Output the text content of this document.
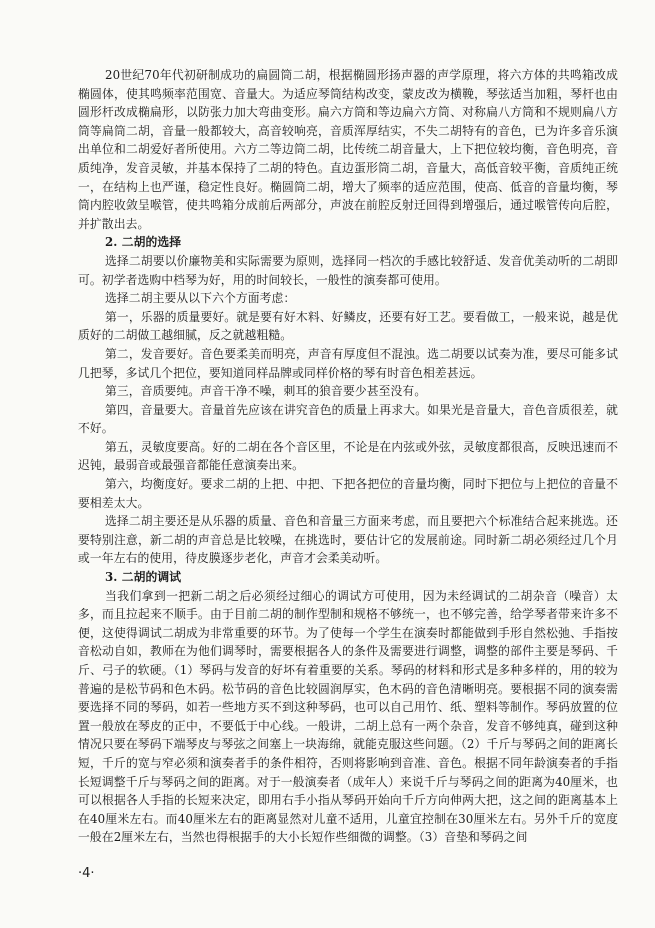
20世纪70年代初研制成功的扁圆筒二胡，根据椭圆形扬声器的声学原理，将六方体的共鸣箱改成椭圆体，使其鸣频率范围宽、音量大。为适应琴筒结构改变，蒙皮改为横鞔，琴弦适当加粗，琴杆也由圆形杆改成椭扁形，以防张力加大弯曲变形。扁六方筒和等边扁六方筒、对称扁八方筒和不规则扁八方筒等扁筒二胡，音量一般都较大，高音较响亮，音质浑厚结实，不失二胡特有的音色，已为许多音乐演出单位和二胡爱好者所使用。六方二等边筒二胡，比传统二胡音量大，上下把位较均衡，音色明亮，音质纯净，发音灵敏，并基本保持了二胡的特色。直边蛋形筒二胡，音量大，高低音较平衡，音质纯正统一，在结构上也严谨，稳定性良好。椭圆筒二胡，增大了频率的适应范围，使高、低音的音量均衡，琴筒内腔收敛呈喉管，使共鸣箱分成前后两部分，声波在前腔反射迁回得到增强后，通过喉管传向后腔，并扩散出去。

2. 二胡的选择

选择二胡要以价廉物美和实际需要为原则，选择同一档次的手感比较舒适、发音优美动听的二胡即可。初学者选购中档琴为好，用的时间较长，一般性的演奏都可使用。

选择二胡主要从以下六个方面考虑：

第一，乐器的质量要好。就是要有好木料、好鳞皮，还要有好工艺。要看做工，一般来说，越是优质好的二胡做工越细腻，反之就越粗糙。

第二，发音要好。音色要柔美而明亮，声音有厚度但不混浊。选二胡要以试奏为准，要尽可能多试几把琴，多试几个把位，要知道同样品牌或同样价格的琴有时音色相差甚远。

第三，音质要纯。声音干净不噪，刺耳的狼音要少甚至没有。

第四，音量要大。音量首先应该在讲究音色的质量上再求大。如果光是音量大，音色音质很差，就不好。

第五，灵敏度要高。好的二胡在各个音区里，不论是在内弦或外弦，灵敏度都很高，反映迅速而不迟钝，最弱音或最强音都能任意演奏出来。

第六，均衡度好。要求二胡的上把、中把、下把各把位的音量均衡，同时下把位与上把位的音量不要相差太大。

选择二胡主要还是从乐器的质量、音色和音量三方面来考虑，而且要把六个标准结合起来挑选。还要特别注意，新二胡的声音总是比较噪，在挑选时，要估计它的发展前途。同时新二胡必须经过几个月或一年左右的使用，待皮膜逐步老化，声音才会柔美动听。

3. 二胡的调试

当我们拿到一把新二胡之后必须经过细心的调试方可使用，因为未经调试的二胡杂音（噪音）太多，而且拉起来不顺手。由于目前二胡的制作型制和规格不够统一，也不够完善，给学琴者带来许多不便，这使得调试二胡成为非常重要的环节。为了使每一个学生在演奏时都能做到手形自然松弛、手指按音松动自如，教师在为他们调琴时，需要根据各人的条件及需要进行调整，调整的部件主要是琴码、千斤、弓子的软硬。（1）琴码与发音的好坏有着重要的关系。琴码的材料和形式是多种多样的，用的较为普遍的是松节码和色木码。松节码的音色比较圆润厚实，色木码的音色清晰明亮。要根据不同的演奏需要选择不同的琴码，如若一些地方买不到这种琴码，也可以自己用竹、纸、塑料等制作。琴码放置的位置一般放在琴皮的正中，不要低于中心线。一般讲，二胡上总有一两个杂音，发音不够纯真，碰到这种情况只要在琴码下端琴皮与琴弦之间塞上一块海绵，就能克服这些问题。（2）千斤与琴码之间的距离长短，千斤的宽与窄必须和演奏者手的条件相符，否则将影响到音准、音色。根据不同年龄演奏者的手指长短调整千斤与琴码之间的距离。对于一般演奏者（成年人）来说千斤与琴码之间的距离为40厘米，也可以根据各人手指的长短来决定，即用右手小指从琴码开始向千斤方向伸两大把，这之间的距离基本上在40厘米左右。而40厘米左右的距离显然对儿童不适用，儿童宜控制在30厘米左右。另外千斤的宽度一般在2厘米左右，当然也得根据手的大小长短作些细微的调整。（3）音垫和琴码之间

·4·
